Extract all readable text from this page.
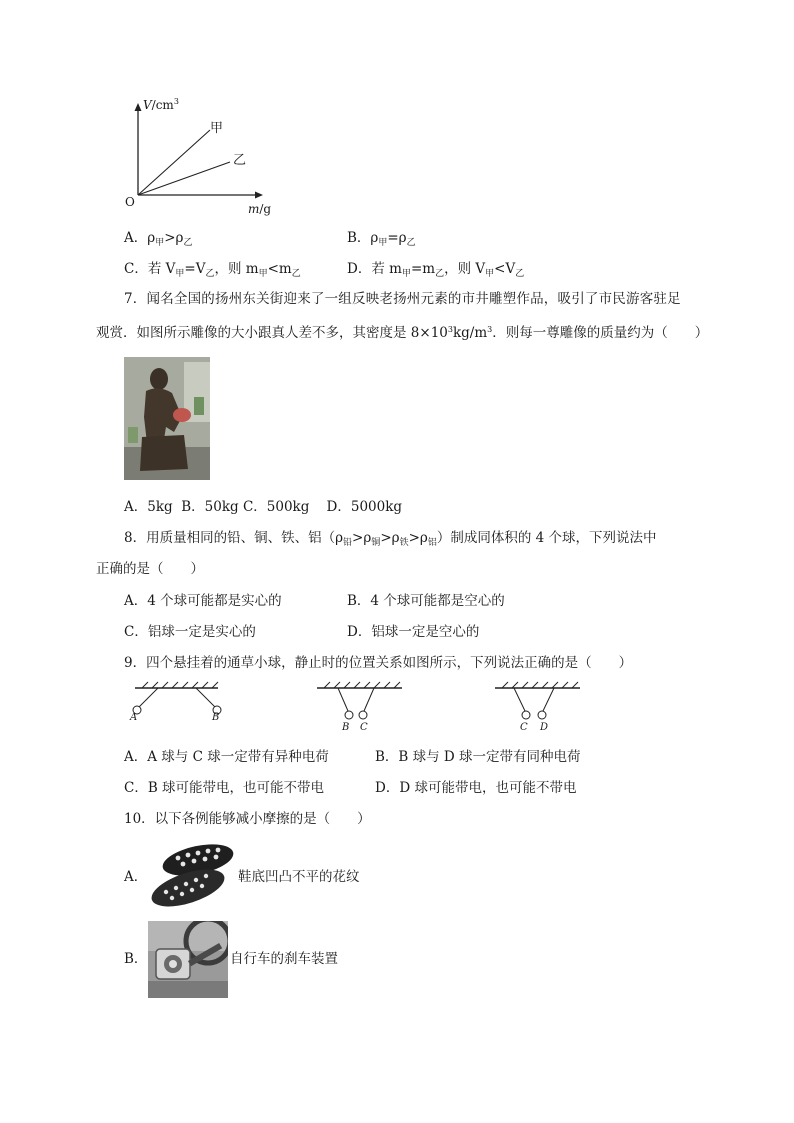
$V/cm^3$
O	m/g
甲
乙
A．$\rho_甲>\rho_乙$	B．$\rho_甲=\rho_乙$
C．若 $V_甲=V_乙$，则 $m_甲<m_乙$	D．若 $m_甲=m_乙$，则 $V_甲<V_乙$
7．闻名全国的扬州东关街迎来了一组反映老扬州元素的市井雕塑作品，吸引了市民游客驻足
观赏．如图所示雕像的大小跟真人差不多，其密度是 $8\times 10^3kg/m^3$．则每一尊雕像的质量约为（　　）
A．5kg  B．50kg C．500kg    D．5000kg
8．用质量相同的铅、铜、铁、铝$(\rho_铅>\rho_铜>\rho_铁>\rho_铝)$制成同体积的 4 个球，下列说法中
正确的是（　　）
A．4 个球可能都是实心的	B．4 个球可能都是空心的
C．铝球一定是实心的	D．铝球一定是空心的
9．四个悬挂着的通草小球，静止时的位置关系如图所示，下列说法正确的是（　　）
A	B
B C	C D
A．A 球与 C 球一定带有异种电荷	B．B 球与 D 球一定带有同种电荷
C．B 球可能带电，也可能不带电	D．D 球可能带电，也可能不带电
10．以下各例能够减小摩擦的是（　　）
A．	鞋底凹凸不平的花纹
B．	自行车的刹车装置
